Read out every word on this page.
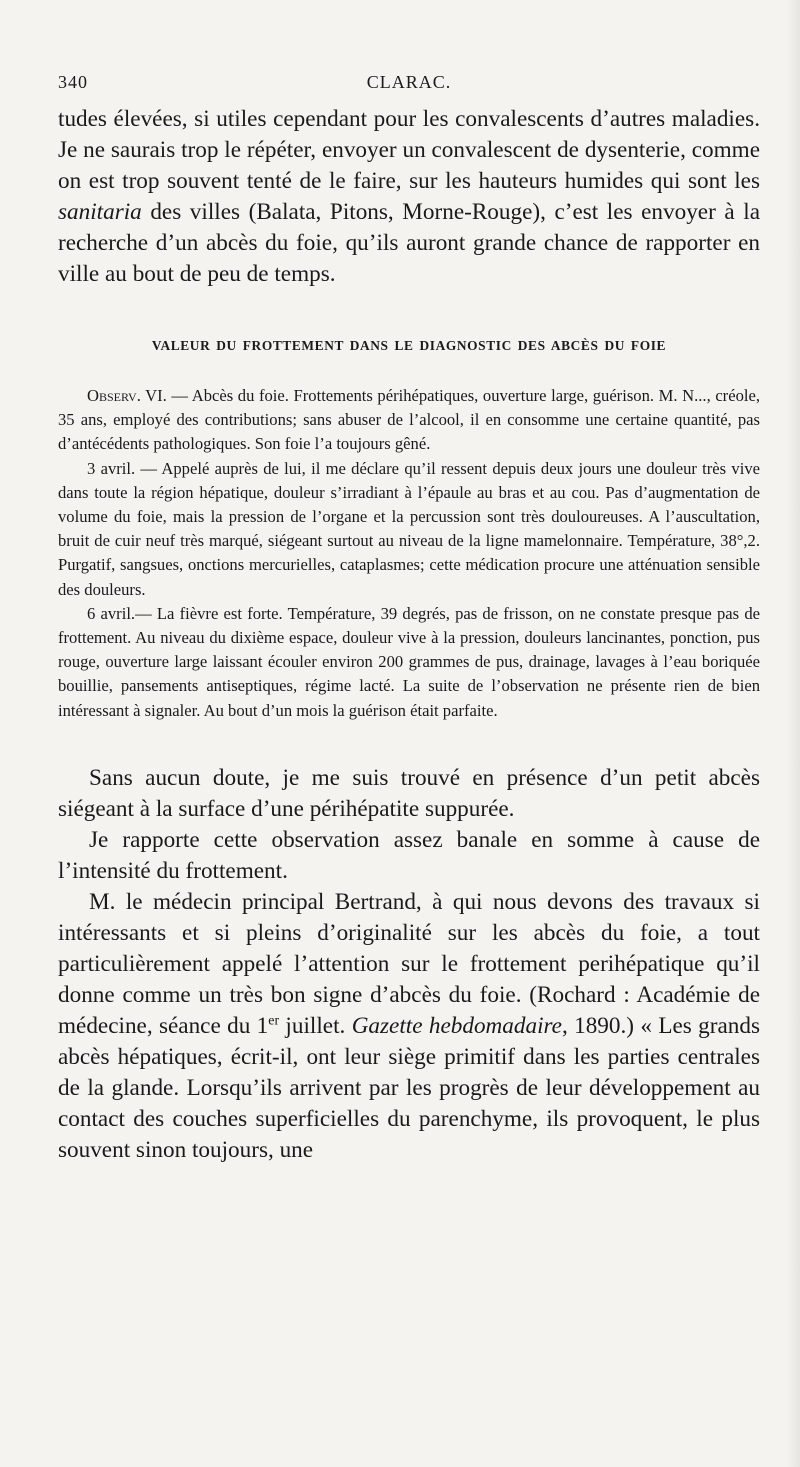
340	CLARAC.

tudes élevées, si utiles cependant pour les convalescents d’autres maladies. Je ne saurais trop le répéter, envoyer un convalescent de dysenterie, comme on est trop souvent tenté de le faire, sur les hauteurs humides qui sont les sanitaria des villes (Balata, Pitons, Morne-Rouge), c’est les envoyer à la recherche d’un abcès du foie, qu’ils auront grande chance de rapporter en ville au bout de peu de temps.

VALEUR DU FROTTEMENT DANS LE DIAGNOSTIC DES ABCÈS DU FOIE

Observ. VI. — Abcès du foie. Frottements périhépatiques, ouverture large, guérison. M. N..., créole, 35 ans, employé des contributions; sans abuser de l’alcool, il en consomme une certaine quantité, pas d’antécédents pathologiques. Son foie l’a toujours gêné.

3 avril. — Appelé auprès de lui, il me déclare qu’il ressent depuis deux jours une douleur très vive dans toute la région hépatique, douleur s’irradiant à l’épaule au bras et au cou. Pas d’augmentation de volume du foie, mais la pression de l’organe et la percussion sont très douloureuses. A l’auscultation, bruit de cuir neuf très marqué, siégeant surtout au niveau de la ligne mamelonnaire. Température, 38°,2. Purgatif, sangsues, onctions mercurielles, cataplasmes; cette médication procure une atténuation sensible des douleurs.

6 avril.— La fièvre est forte. Température, 39 degrés, pas de frisson, on ne constate presque pas de frottement. Au niveau du dixième espace, douleur vive à la pression, douleurs lancinantes, ponction, pus rouge, ouverture large laissant écouler environ 200 grammes de pus, drainage, lavages à l’eau boriquée bouillie, pansements antiseptiques, régime lacté. La suite de l’observation ne présente rien de bien intéressant à signaler. Au bout d’un mois la guérison était parfaite.

Sans aucun doute, je me suis trouvé en présence d’un petit abcès siégeant à la surface d’une périhépatite suppurée.

Je rapporte cette observation assez banale en somme à cause de l’intensité du frottement.

M. le médecin principal Bertrand, à qui nous devons des travaux si intéressants et si pleins d’originalité sur les abcès du foie, a tout particulièrement appelé l’attention sur le frottement perihépatique qu’il donne comme un très bon signe d’abcès du foie. (Rochard : Académie de médecine, séance du 1er juillet. Gazette hebdomadaire, 1890.) « Les grands abcès hépatiques, écrit-il, ont leur siège primitif dans les parties centrales de la glande. Lorsqu’ils arrivent par les progrès de leur développement au contact des couches superficielles du parenchyme, ils provoquent, le plus souvent sinon toujours, une
